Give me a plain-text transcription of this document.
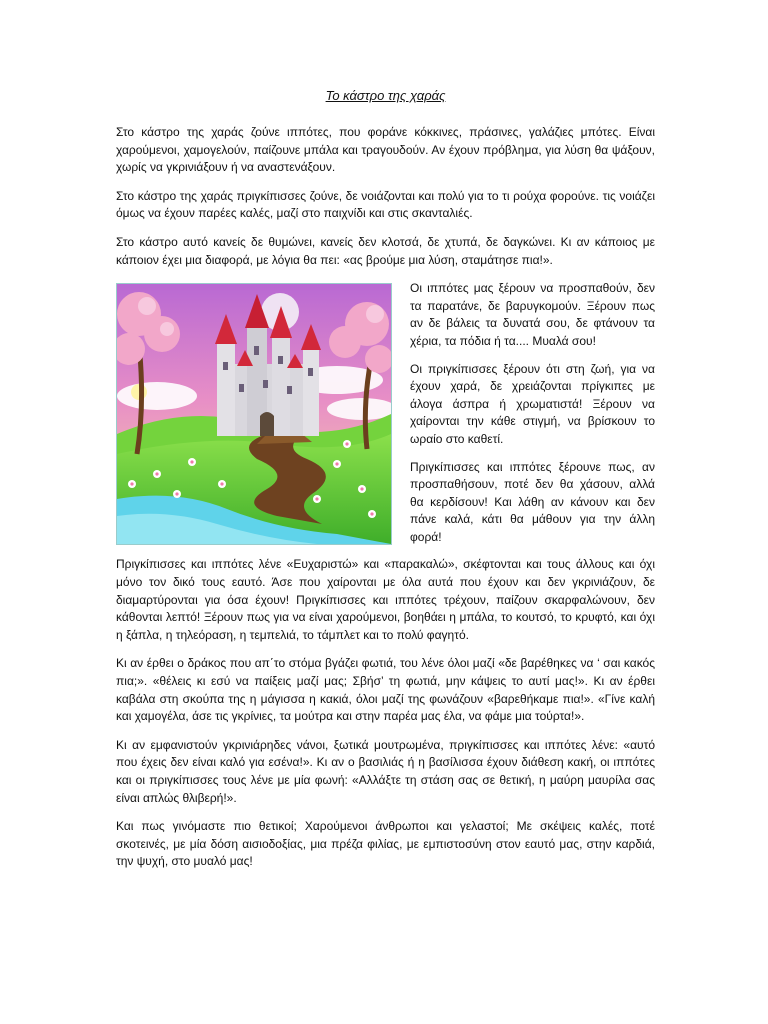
Το κάστρο της χαράς

Στο κάστρο της χαράς ζούνε ιππότες, που φοράνε κόκκινες, πράσινες, γαλάζιες μπότες. Είναι χαρούμενοι, χαμογελούν, παίζουνε μπάλα και τραγουδούν. Αν έχουν πρόβλημα, για λύση θα ψάξουν, χωρίς να γκρινιάξουν ή να αναστενάξουν.

Στο κάστρο της χαράς πριγκίπισσες ζούνε, δε νοιάζονται και πολύ για το τι ρούχα φορούνε. τις νοιάζει όμως να έχουν παρέες καλές, μαζί στο παιχνίδι και στις σκανταλιές.

Στο κάστρο αυτό κανείς δε θυμώνει, κανείς δεν κλοτσά, δε χτυπά, δε δαγκώνει. Κι αν κάποιος με κάποιον έχει μια διαφορά, με λόγια θα πει: «ας βρούμε μια λύση, σταμάτησε πια!».

Οι ιππότες μας ξέρουν να προσπαθούν, δεν τα παρατάνε, δε βαρυγκομούν. Ξέρουν πως αν δε βάλεις τα δυνατά σου, δε φτάνουν τα χέρια, τα πόδια ή τα.... Μυαλά σου!

Οι πριγκίπισσες ξέρουν ότι στη ζωή, για να έχουν χαρά, δε χρειάζονται πρίγκιπες με άλογα άσπρα ή χρωματιστά! Ξέρουν να χαίρονται την κάθε στιγμή, να βρίσκουν το ωραίο στο καθετί.

Πριγκίπισσες και ιππότες ξέρουνε πως, αν προσπαθήσουν, ποτέ δεν θα χάσουν, αλλά θα κερδίσουν! Και λάθη αν κάνουν και δεν πάνε καλά, κάτι θα μάθουν για την άλλη φορά!

Πριγκίπισσες και ιππότες λένε «Ευχαριστώ» και «παρακαλώ», σκέφτονται και τους άλλους και όχι μόνο τον δικό τους εαυτό. Άσε που χαίρονται με όλα αυτά που έχουν και δεν γκρινιάζουν, δε διαμαρτύρονται για όσα έχουν! Πριγκίπισσες και ιππότες τρέχουν, παίζουν σκαρφαλώνουν, δεν κάθονται λεπτό! Ξέρουν πως για να είναι χαρούμενοι, βοηθάει η μπάλα, το κουτσό, το κρυφτό, και όχι η ξάπλα, η τηλεόραση, η τεμπελιά, το τάμπλετ και το πολύ φαγητό.

Κι αν έρθει ο δράκος που απ΄το στόμα βγάζει φωτιά, του λένε όλοι μαζί «δε βαρέθηκες να ‘ σαι κακός πια;». «θέλεις κι εσύ να παίξεις μαζί μας; Σβήσ’ τη φωτιά, μην κάψεις το αυτί μας!». Κι αν έρθει καβάλα στη σκούπα της η μάγισσα η κακιά, όλοι μαζί της φωνάζουν «βαρεθήκαμε πια!». «Γίνε καλή και χαμογέλα, άσε τις γκρίνιες, τα μούτρα και στην παρέα μας έλα, να φάμε μια τούρτα!».

Κι αν εμφανιστούν γκρινιάρηδες νάνοι, ξωτικά μουτρωμένα, πριγκίπισσες και ιππότες λένε: «αυτό που έχεις δεν είναι καλό για εσένα!». Κι αν ο βασιλιάς ή η βασίλισσα έχουν διάθεση κακή, οι ιππότες και οι πριγκίπισσες τους λένε με μία φωνή: «Αλλάξτε τη στάση σας σε θετική, η μαύρη μαυρίλα σας είναι απλώς θλιβερή!».

Και πως γινόμαστε πιο θετικοί; Χαρούμενοι άνθρωποι και γελαστοί; Με σκέψεις καλές, ποτέ σκοτεινές, με μία δόση αισιοδοξίας, μια πρέζα φιλίας, με εμπιστοσύνη στον εαυτό μας, στην καρδιά, την ψυχή, στο μυαλό μας!
